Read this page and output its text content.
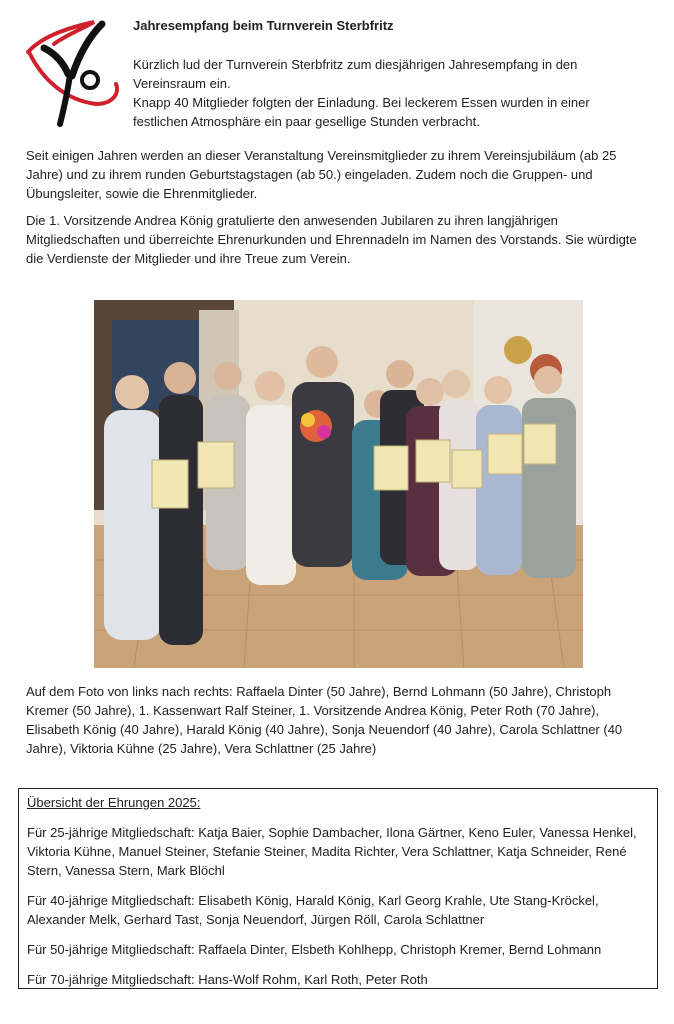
Jahresempfang beim Turnverein Sterbfritz

Kürzlich lud der Turnverein Sterbfritz zum diesjährigen Jahresempfang in den Vereinsraum ein.

Knapp 40 Mitglieder folgten der Einladung. Bei leckerem Essen wurden in einer festlichen Atmosphäre ein paar gesellige Stunden verbracht.

Seit einigen Jahren werden an dieser Veranstaltung Vereinsmitglieder zu ihrem Vereinsjubiläum (ab 25 Jahre) und zu ihrem runden Geburtstagstagen (ab 50.) eingeladen. Zudem noch die Gruppen- und Übungsleiter, sowie die Ehrenmitglieder.

Die 1. Vorsitzende Andrea König gratulierte den anwesenden Jubilaren zu ihren langjährigen Mitgliedschaften und überreichte Ehrenurkunden und Ehrennadeln im Namen des Vorstands. Sie würdigte die Verdienste der Mitglieder und ihre Treue zum Verein.

Auf dem Foto von links nach rechts: Raffaela Dinter (50 Jahre), Bernd Lohmann (50 Jahre), Christoph Kremer (50 Jahre), 1. Kassenwart Ralf Steiner, 1. Vorsitzende Andrea König, Peter Roth (70 Jahre), Elisabeth König (40 Jahre), Harald König (40 Jahre), Sonja Neuendorf (40 Jahre), Carola Schlattner (40 Jahre), Viktoria Kühne (25 Jahre), Vera Schlattner (25 Jahre)

Übersicht der Ehrungen 2025:

Für 25-jährige Mitgliedschaft: Katja Baier, Sophie Dambacher, Ilona Gärtner, Keno Euler, Vanessa Henkel, Viktoria Kühne, Manuel Steiner, Stefanie Steiner, Madita Richter, Vera Schlattner, Katja Schneider, René Stern, Vanessa Stern, Mark Blöchl

Für 40-jährige Mitgliedschaft: Elisabeth König, Harald König, Karl Georg Krahle, Ute Stang-Kröckel, Alexander Melk, Gerhard Tast, Sonja Neuendorf, Jürgen Röll, Carola Schlattner

Für 50-jährige Mitgliedschaft: Raffaela Dinter, Elsbeth Kohlhepp, Christoph Kremer, Bernd Lohmann

Für 70-jährige Mitgliedschaft: Hans-Wolf Rohm, Karl Roth, Peter Roth
